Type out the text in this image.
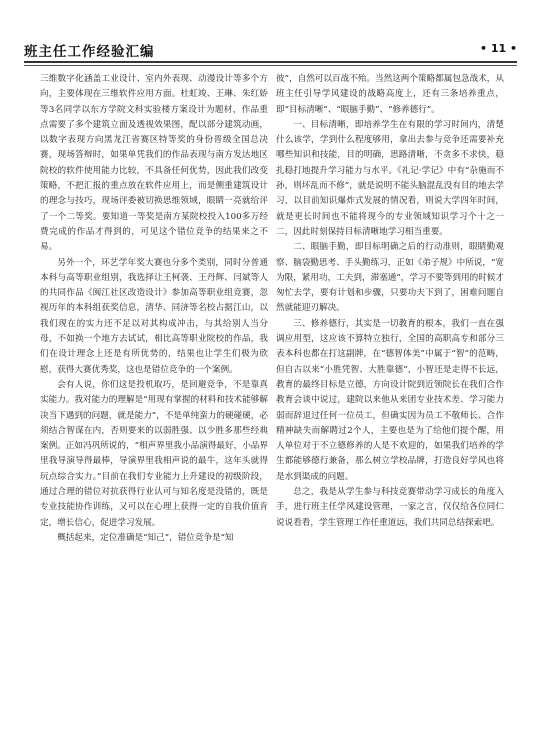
班主任工作经验汇编	• 11 •

三维数字化涵盖工业设计、室内外表现、动漫设计等多个方向，主要体现在三维软件应用方面。杜虹竣、王琳、朱红娇等3名同学以东方学院文科实验楼方案设计为题材，作品重点需要了多个建筑立面及透视效果图，配以部分建筑动画，以数字表现方向黑龙江省赛区特等奖的身份晋级全国总决赛，现场答辩时，如果单凭我们的作品表现与南方发达地区院校的软件使用能力比较，不具备任何优势，因此我们改变策略，不把汇报的重点放在软件应用上，而是侧重建筑设计的理念与技巧，现场评委被切换思维领域，眼睛一亮就给评了一个二等奖。要知道一等奖是南方某院校投入100多万经费完成的作品才得到的，可见这个错位竞争的结果来之不易。

另外一个，环艺学年奖大赛也分多个类别，同时分普通本科与高等职业组别，我选择让王柯袭、王丹辉、闫斌等人的共同作品《闽江社区改造设计》参加高等职业组竞赛，忽视历年的本科组获奖信息，清华、同济等名校占据江山，以我们现在的实力还不足以对其构成冲击，与其给别人当分母，不如换一个地方去试试，相比高等职业院校的作品，我们在设计理念上还是有所优势的，结果也让学生们极为欣慰，获得大赛优秀奖，这也是错位竞争的一个案例。

会有人说，你们这是投机取巧，是回避竞争，不是靠真实能力。我对能力的理解是“用现有掌握的材料和技术能够解决当下遇到的问题，就是能力”，不是单纯蛮力的硬碰硬，必须结合智谋在内，否则要来的以弱胜强、以少胜多那些经典案例。正如冯巩所说的，“相声界里我小品演得最好，小品界里我导演导得最棒，导演界里我相声说的最牛，这年头就得玩点综合实力。”目前在我们专业能力上升建设的初级阶段，通过合理的错位对抗获得行业认可与知名度是没错的，既是专业技能协作训练，又可以在心理上获得一定的自我价值肯定，增长信心，促进学习发展。

概括起来，定位准确是“知己”，错位竞争是“知

彼”，自然可以百战不殆。当然这两个策略都属包急战术，从班主任引导学风建设的战略高度上，还有三条培养重点，即“目标清晰”、“眼脑手勤”、“修养德行”。

一、目标清晰，即培养学生在有限的学习时间内，清楚什么该学，学到什么程度够用，拿出去参与竞争还需要补充哪些知识和技能，目的明确，思路清晰，不贪多不求快，稳扎稳打地提升学习能力与水平。《礼记·学记》中有“杂施而不孙，则坏乱而不修”，就是说明不能头脑混乱没有目的地去学习，以目前知识爆炸式发展的情况看，则说大学四年时间，就是更长时间也不能将现今的专业领域知识学习个十之一二，因此时刻保持目标清晰地学习相当重要。

二、眼脑手勤，即目标明确之后的行动准则，眼睛勤观察、脑袋勤思考、手头勤练习，正如《弟子规》中所说，“宽为限，紧用功，工夫到，滞塞通”，学习不要等到用的时候才匆忙去学，要有计划和步骤，只要功夫下到了，困难问题自然就能迎刃解决。

三、修养德行，其实是一切教育的根本，我们一直在强调应用型，这应该不算特立独行，全国的高职高专和部分三表本科也都在打这副牌，在“德智体美”中属于“智”的范畴，但自古以来“小胜凭智、大胜靠德”，小智还是走得不长远，教育的最终目标是立德，方向设计院到近领院长在我们合作教育会谈中说过，建院以来他从来团专业技术差、学习能力弱而辞退过任何一位员工，但确实因为员工不敬师长、合作精神缺失而解聘过2个人，主要也是为了给他们提个醒，用人单位对于不立德修养的人是不欢迎的，如果我们培养的学生都能够德行兼备，那么树立学校品牌，打造良好学风也将是水到渠成的问题。

总之，我是从学生参与科技竞赛带动学习成长的角度入手，进行班主任学风建设管理，一家之言，仅仅给各位同仁说说看看，学生管理工作任重道远，我们共同总结探索吧。
